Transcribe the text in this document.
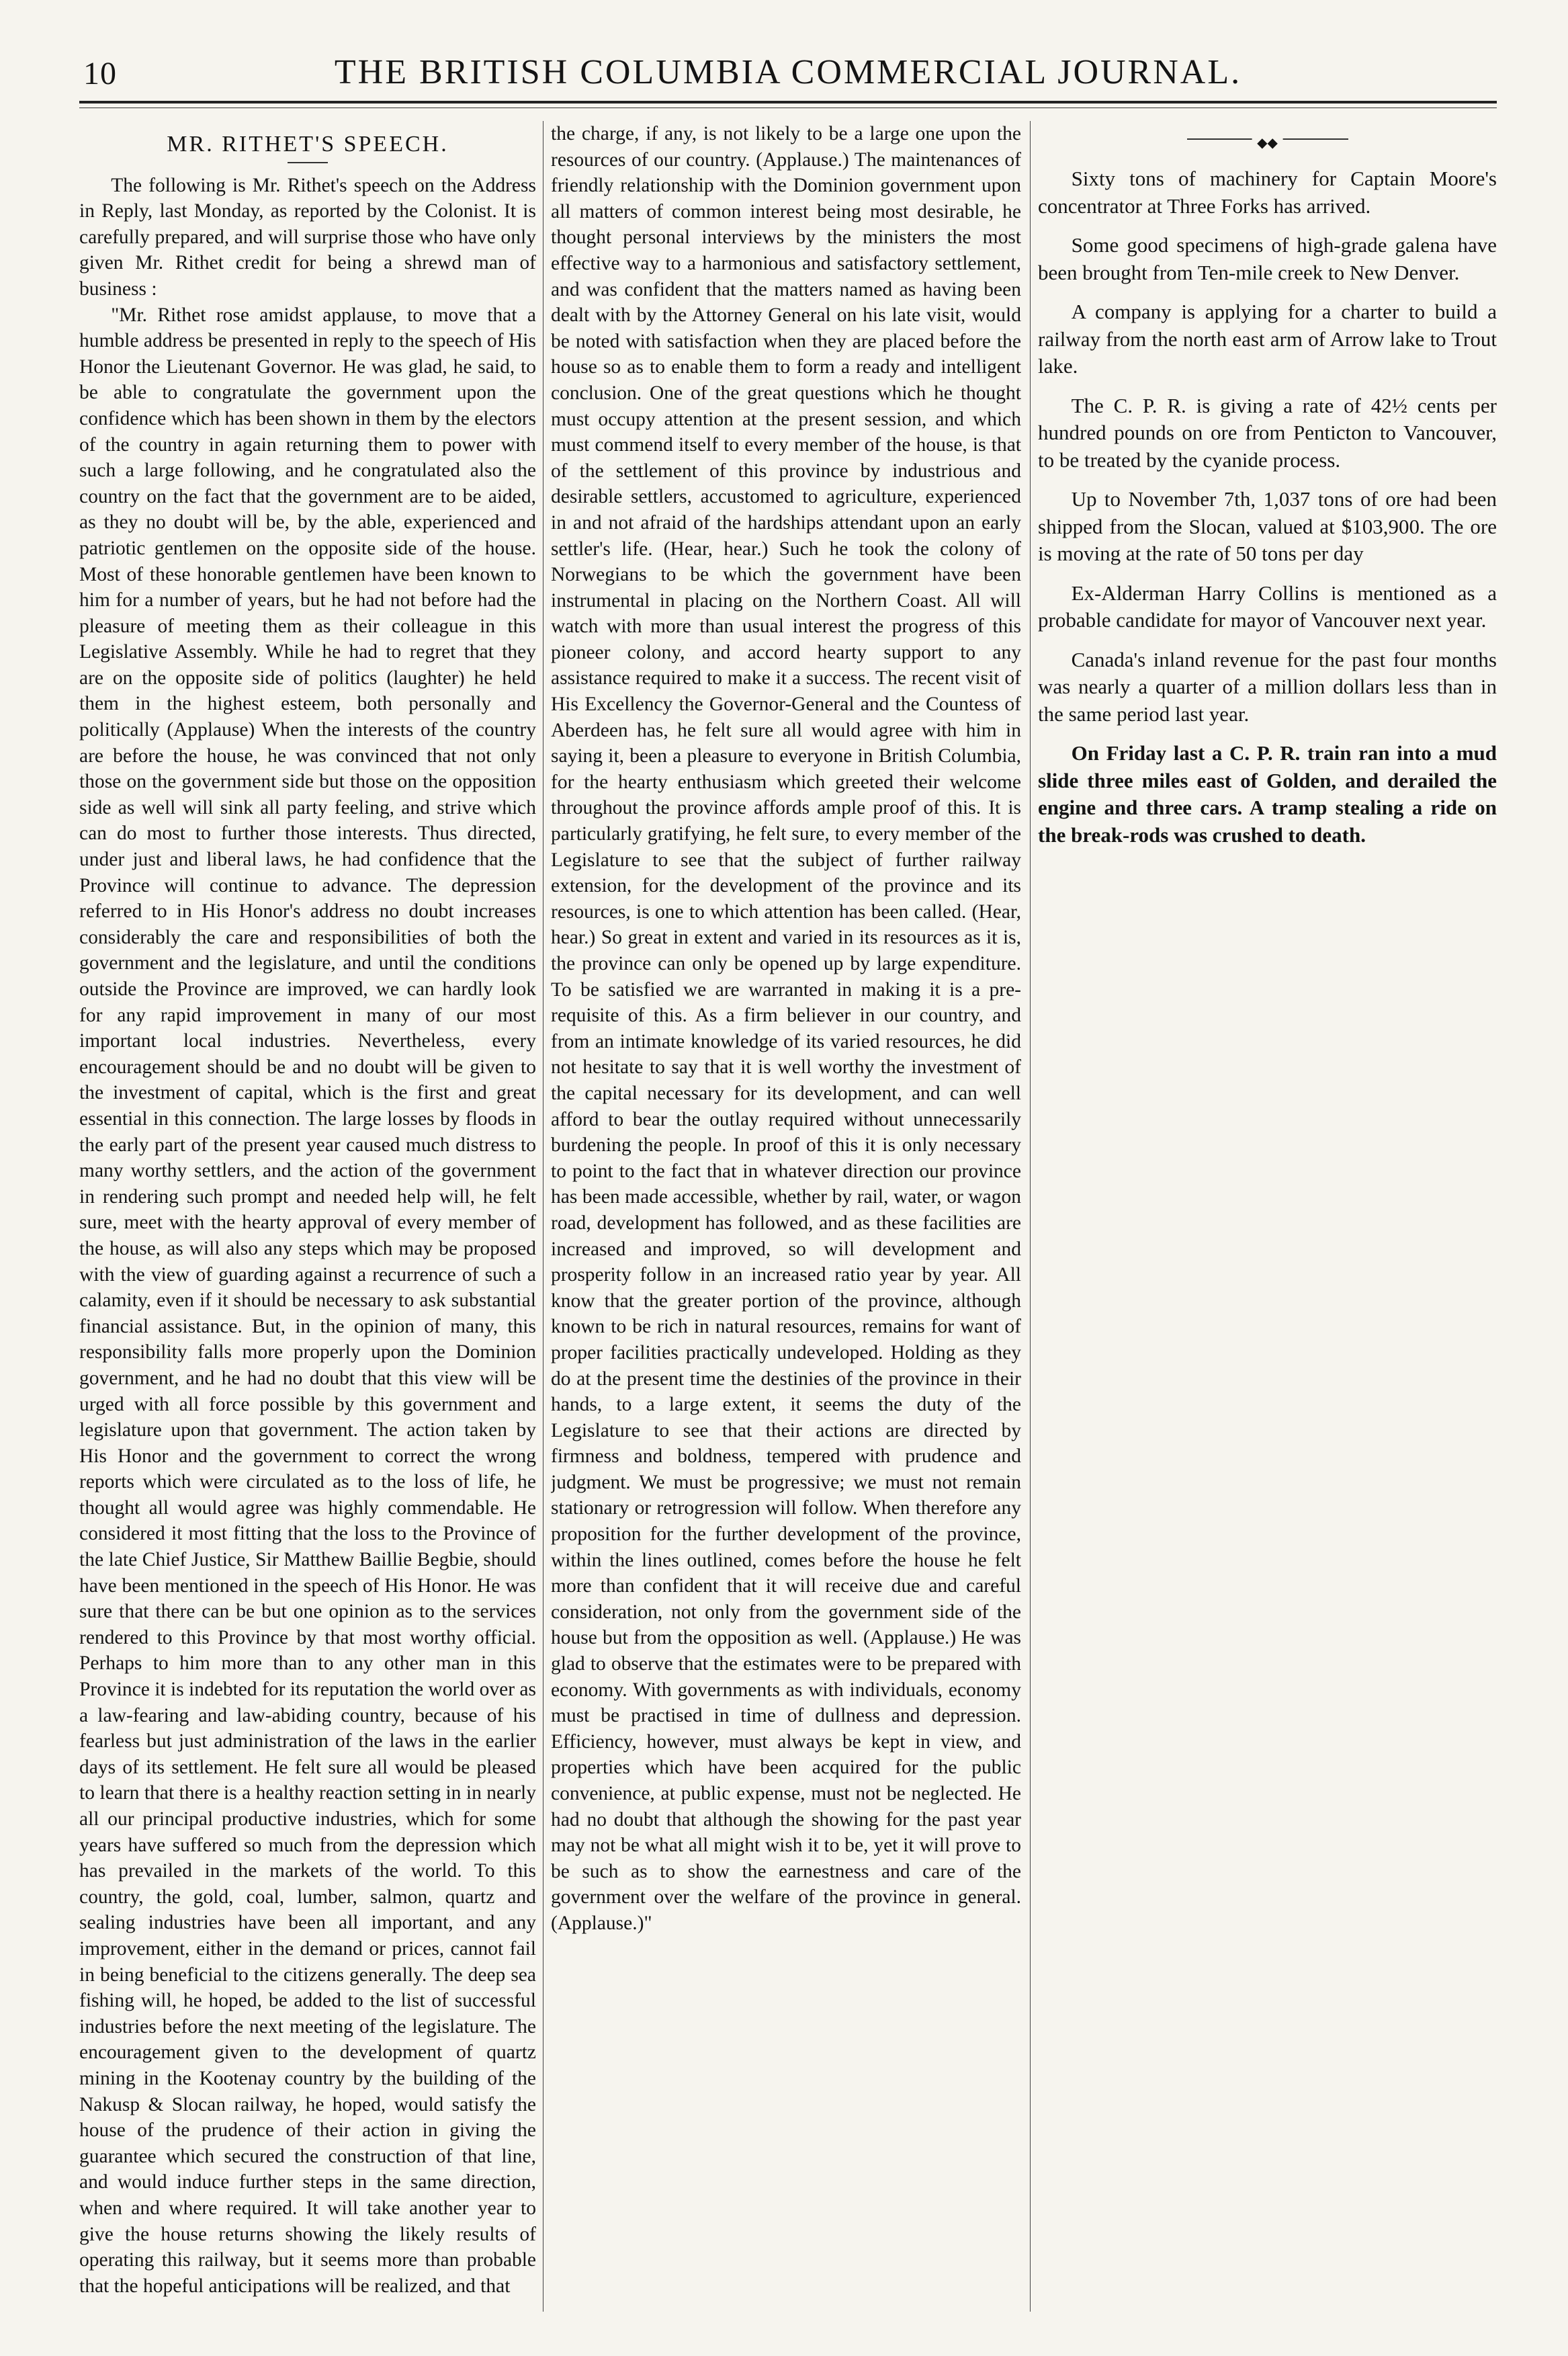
10	THE BRITISH COLUMBIA COMMERCIAL JOURNAL.
MR. RITHET'S SPEECH.

The following is Mr. Rithet's speech on the Address in Reply, last Monday, as reported by the Colonist. It is carefully prepared, and will surprise those who have only given Mr. Rithet credit for being a shrewd man of business :

"Mr. Rithet rose amidst applause, to move that a humble address be presented in reply to the speech of His Honor the Lieutenant Governor. He was glad, he said, to be able to congratulate the government upon the confidence which has been shown in them by the electors of the country in again returning them to power with such a large following, and he congratulated also the country on the fact that the government are to be aided, as they no doubt will be, by the able, experienced and patriotic gentlemen on the opposite side of the house. Most of these honorable gentlemen have been known to him for a number of years, but he had not before had the pleasure of meeting them as their colleague in this Legislative Assembly. While he had to regret that they are on the opposite side of politics (laughter) he held them in the highest esteem, both personally and politically (Applause) When the interests of the country are before the house, he was convinced that not only those on the government side but those on the opposition side as well will sink all party feeling, and strive which can do most to further those interests. Thus directed, under just and liberal laws, he had confidence that the Province will continue to advance. The depression referred to in His Honor's address no doubt increases considerably the care and responsibilities of both the government and the legislature, and until the conditions outside the Province are improved, we can hardly look for any rapid improvement in many of our most important local industries. Nevertheless, every encouragement should be and no doubt will be given to the investment of capital, which is the first and great essential in this connection. The large losses by floods in the early part of the present year caused much distress to many worthy settlers, and the action of the government in rendering such prompt and needed help will, he felt sure, meet with the hearty approval of every member of the house, as will also any steps which may be proposed with the view of guarding against a recurrence of such a calamity, even if it should be necessary to ask substantial financial assistance. But, in the opinion of many, this responsibility falls more properly upon the Dominion government, and he had no doubt that this view will be urged with all force possible by this government and legislature upon that government. The action taken by His Honor and the government to correct the wrong reports which were circulated as to the loss of life, he thought all would agree was highly commendable. He considered it most fitting that the loss to the Province of the late Chief Justice, Sir Matthew Baillie Begbie, should have been mentioned in the speech of His Honor. He was sure that there can be but one opinion as to the services rendered to this Province by that most worthy official. Perhaps to him more than to any other man in this Province it is indebted for its reputation the world over as a law-fearing and law-abiding country, because of his fearless but just administration of the laws in the earlier days of its settlement. He felt sure all would be pleased to learn that there is a healthy reaction setting in in nearly all our principal productive industries, which for some years have suffered so much from the depression which has prevailed in the markets of the world. To this country, the gold, coal, lumber, salmon, quartz and sealing industries have been all important, and any improvement, either in the demand or prices, cannot fail in being beneficial to the citizens generally. The deep sea fishing will, he hoped, be added to the list of successful industries before the next meeting of the legislature. The encouragement given to the development of quartz mining in the Kootenay country by the building of the Nakusp & Slocan railway, he hoped, would satisfy the house of the prudence of their action in giving the guarantee which secured the construction of that line, and would induce further steps in the same direction, when and where required. It will take another year to give the house returns showing the likely results of operating this railway, but it seems more than probable that the hopeful anticipations will be realized, and that

the charge, if any, is not likely to be a large one upon the resources of our country. (Applause.) The maintenances of friendly relationship with the Dominion government upon all matters of common interest being most desirable, he thought personal interviews by the ministers the most effective way to a harmonious and satisfactory settlement, and was confident that the matters named as having been dealt with by the Attorney General on his late visit, would be noted with satisfaction when they are placed before the house so as to enable them to form a ready and intelligent conclusion. One of the great questions which he thought must occupy attention at the present session, and which must commend itself to every member of the house, is that of the settlement of this province by industrious and desirable settlers, accustomed to agriculture, experienced in and not afraid of the hardships attendant upon an early settler's life. (Hear, hear.) Such he took the colony of Norwegians to be which the government have been instrumental in placing on the Northern Coast. All will watch with more than usual interest the progress of this pioneer colony, and accord hearty support to any assistance required to make it a success. The recent visit of His Excellency the Governor-General and the Countess of Aberdeen has, he felt sure all would agree with him in saying it, been a pleasure to everyone in British Columbia, for the hearty enthusiasm which greeted their welcome throughout the province affords ample proof of this. It is particularly gratifying, he felt sure, to every member of the Legislature to see that the subject of further railway extension, for the development of the province and its resources, is one to which attention has been called. (Hear, hear.) So great in extent and varied in its resources as it is, the province can only be opened up by large expenditure. To be satisfied we are warranted in making it is a pre-requisite of this. As a firm believer in our country, and from an intimate knowledge of its varied resources, he did not hesitate to say that it is well worthy the investment of the capital necessary for its development, and can well afford to bear the outlay required without unnecessarily burdening the people. In proof of this it is only necessary to point to the fact that in whatever direction our province has been made accessible, whether by rail, water, or wagon road, development has followed, and as these facilities are increased and improved, so will development and prosperity follow in an increased ratio year by year. All know that the greater portion of the province, although known to be rich in natural resources, remains for want of proper facilities practically undeveloped. Holding as they do at the present time the destinies of the province in their hands, to a large extent, it seems the duty of the Legislature to see that their actions are directed by firmness and boldness, tempered with prudence and judgment. We must be progressive; we must not remain stationary or retrogression will follow. When therefore any proposition for the further development of the province, within the lines outlined, comes before the house he felt more than confident that it will receive due and careful consideration, not only from the government side of the house but from the opposition as well. (Applause.) He was glad to observe that the estimates were to be prepared with economy. With governments as with individuals, economy must be practised in time of dullness and depression. Efficiency, however, must always be kept in view, and properties which have been acquired for the public convenience, at public expense, must not be neglected. He had no doubt that although the showing for the past year may not be what all might wish it to be, yet it will prove to be such as to show the earnestness and care of the government over the welfare of the province in general. (Applause.)"

◆◆

Sixty tons of machinery for Captain Moore's concentrator at Three Forks has arrived.

Some good specimens of high-grade galena have been brought from Ten-mile creek to New Denver.

A company is applying for a charter to build a railway from the north east arm of Arrow lake to Trout lake.

The C. P. R. is giving a rate of 42½ cents per hundred pounds on ore from Penticton to Vancouver, to be treated by the cyanide process.

Up to November 7th, 1,037 tons of ore had been shipped from the Slocan, valued at $103,900. The ore is moving at the rate of 50 tons per day

Ex-Alderman Harry Collins is mentioned as a probable candidate for mayor of Vancouver next year.

Canada's inland revenue for the past four months was nearly a quarter of a million dollars less than in the same period last year.

On Friday last a C. P. R. train ran into a mud slide three miles east of Golden, and derailed the engine and three cars. A tramp stealing a ride on the break-rods was crushed to death.
